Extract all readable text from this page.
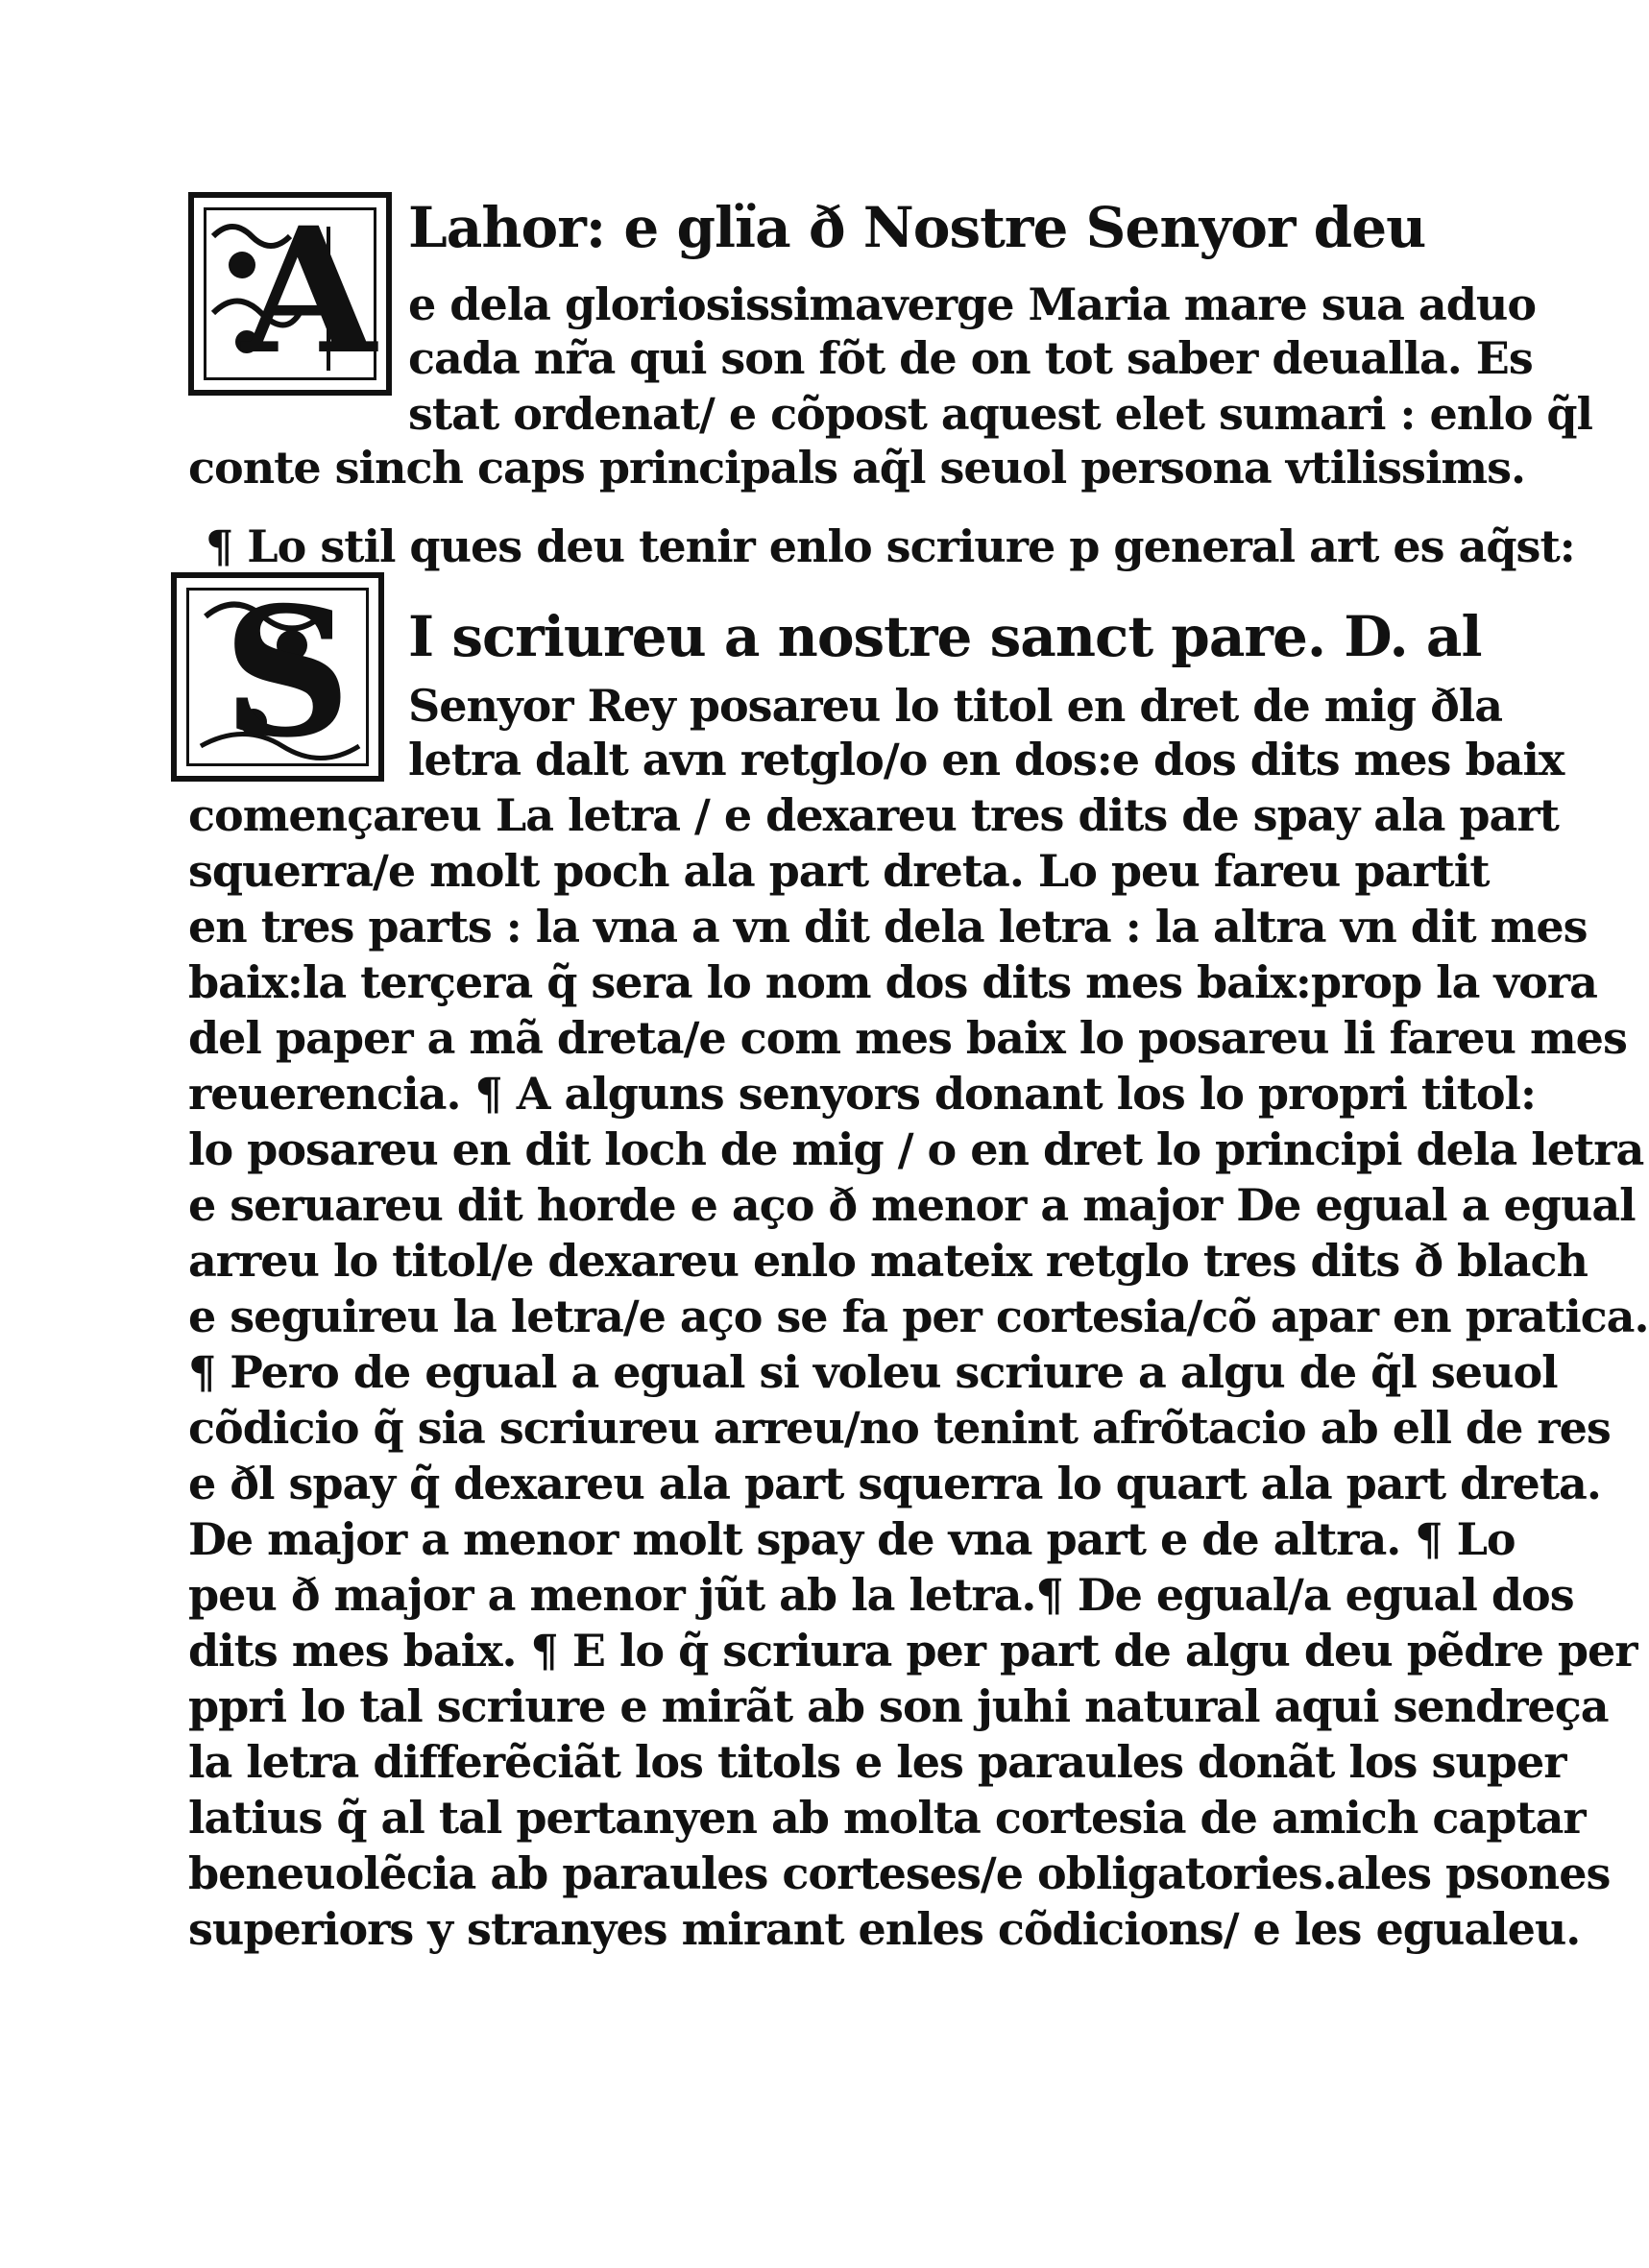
A Lahor: e glïa ð Nostre Senyor deu
e dela gloriosissimaverge Maria mare sua aduo
cada nr̃a qui son fõt de on tot saber deualla. Es
stat ordenat/ e cõpost aquest elet sumari : enlo q̃l
conte sinch caps principals aq̃l seuol persona vtilissims.
¶ Lo stil ques deu tenir enlo scriure p general art es aq̃st:
S I scriureu a nostre sanct pare. D. al
Senyor Rey posareu lo titol en dret de mig ðla
letra dalt avn retglo/o en dos:e dos dits mes baix
començareu La letra / e dexareu tres dits de spay ala part
squerra/e molt poch ala part dreta. Lo peu fareu partit
en tres parts : la vna a vn dit dela letra : la altra vn dit mes
baix:la terçera q̃ sera lo nom dos dits mes baix:prop la vora
del paper a mã dreta/e com mes baix lo posareu li fareu mes
reuerencia. ¶ A alguns senyors donant los lo propri titol:
lo posareu en dit loch de mig / o en dret lo principi dela letra
e seruareu dit horde e aço ð menor a major De egual a egual
arreu lo titol/e dexareu enlo mateix retglo tres dits ð blach
e seguireu la letra/e aço se fa per cortesia/cõ apar en pratica.
¶ Pero de egual a egual si voleu scriure a algu de q̃l seuol
cõdicio q̃ sia scriureu arreu/no tenint afrõtacio ab ell de res
e ðl spay q̃ dexareu ala part squerra lo quart ala part dreta.
De major a menor molt spay de vna part e de altra. ¶ Lo
peu ð major a menor jũt ab la letra.¶ De egual/a egual dos
dits mes baix. ¶ E lo q̃ scriura per part de algu deu pẽdre per
ppri lo tal scriure e mirãt ab son juhi natural aqui sendreça
la letra differẽciãt los titols e les paraules donãt los super
latius q̃ al tal pertanyen ab molta cortesia de amich captar
beneuolẽcia ab paraules corteses/e obligatories.ales psones
superiors y stranyes mirant enles cõdicions/ e les egualeu.
